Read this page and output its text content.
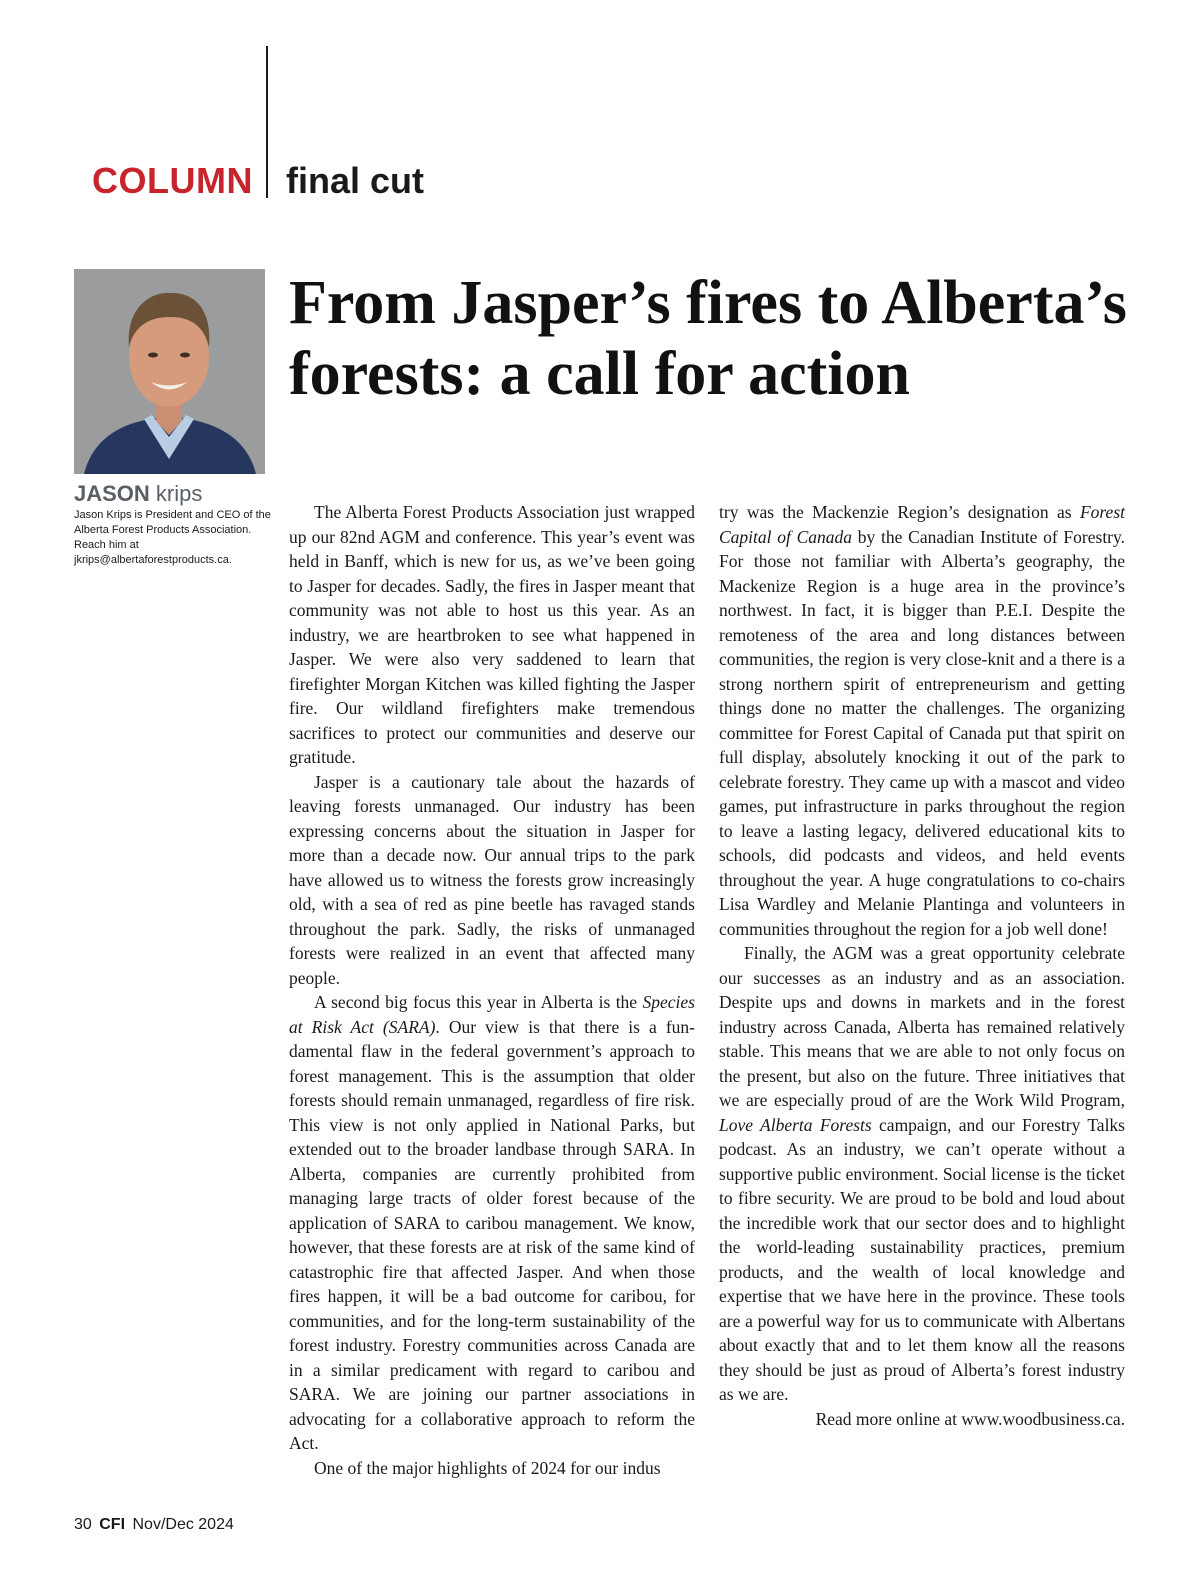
COLUMN final cut
JASON krips
Jason Krips is President and CEO of the Alberta Forest Products Association. Reach him at jkrips@albertaforestproducts.ca.
From Jasper’s fires to Alberta’s forests: a call for action

The Alberta Forest Products Association just wrapped up our 82nd AGM and conference. This year’s event was held in Banff, which is new for us, as we’ve been going to Jasper for decades. Sadly, the fires in Jasper meant that community was not able to host us this year. As an industry, we are heartbroken to see what happened in Jasper. We were also very saddened to learn that firefighter Morgan Kitchen was killed fighting the Jasper fire. Our wildland firefighters make tremendous sacrifices to protect our communities and deserve our gratitude.

Jasper is a cautionary tale about the hazards of leaving forests unmanaged. Our industry has been expressing concerns about the situation in Jasper for more than a decade now. Our annual trips to the park have allowed us to witness the forests grow increasingly old, with a sea of red as pine beetle has ravaged stands throughout the park. Sadly, the risks of unmanaged forests were realized in an event that affected many people.

A second big focus this year in Alberta is the Species at Risk Act (SARA). Our view is that there is a fundamental flaw in the federal government’s approach to forest management. This is the assumption that older forests should remain unmanaged, regardless of fire risk. This view is not only applied in National Parks, but extended out to the broader landbase through SARA. In Alberta, companies are currently prohibited from managing large tracts of older forest because of the application of SARA to caribou management. We know, however, that these forests are at risk of the same kind of catastrophic fire that affected Jasper. And when those fires happen, it will be a bad outcome for caribou, for communities, and for the long-term sustainability of the forest industry. Forestry communities across Canada are in a similar predicament with regard to caribou and SARA. We are joining our partner associations in advocating for a collaborative approach to reform the Act.

One of the major highlights of 2024 for our indus

try was the Mackenzie Region’s designation as Forest Capital of Canada by the Canadian Institute of Forestry. For those not familiar with Alberta’s geography, the Mackenize Region is a huge area in the province’s northwest. In fact, it is bigger than P.E.I. Despite the remoteness of the area and long distances between communities, the region is very close-knit and a there is a strong northern spirit of entrepreneurism and getting things done no matter the challenges. The organizing committee for Forest Capital of Canada put that spirit on full display, absolutely knocking it out of the park to celebrate forestry. They came up with a mascot and video games, put infrastructure in parks throughout the region to leave a lasting legacy, delivered educational kits to schools, did podcasts and videos, and held events throughout the year. A huge congratulations to co-chairs Lisa Wardley and Melanie Plantinga and volunteers in communities throughout the region for a job well done!

Finally, the AGM was a great opportunity celebrate our successes as an industry and as an association. Despite ups and downs in markets and in the forest industry across Canada, Alberta has remained relatively stable. This means that we are able to not only focus on the present, but also on the future. Three initiatives that we are especially proud of are the Work Wild Program, Love Alberta Forests campaign, and our Forestry Talks podcast. As an industry, we can’t operate without a supportive public environment. Social license is the ticket to fibre security. We are proud to be bold and loud about the incredible work that our sector does and to highlight the world-leading sustainability practices, premium products, and the wealth of local knowledge and expertise that we have here in the province. These tools are a powerful way for us to communicate with Albertans about exactly that and to let them know all the reasons they should be just as proud of Alberta’s forest industry as we are.

Read more online at www.woodbusiness.ca.

30 CFI Nov/Dec 2024
